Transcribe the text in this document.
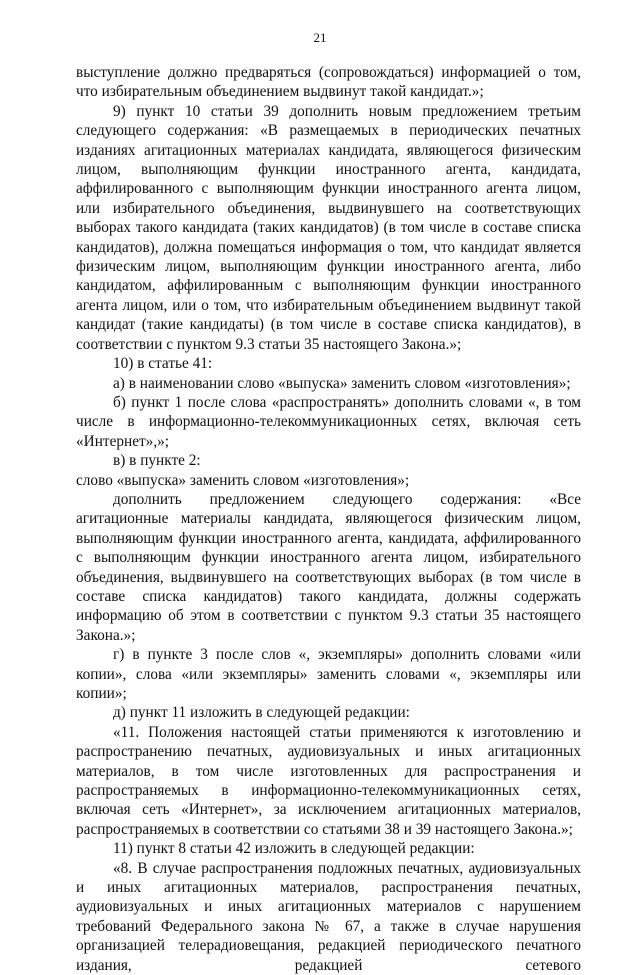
21

выступление должно предваряться (сопровождаться) информацией о том, что избирательным объединением выдвинут такой кандидат.»;

9) пункт 10 статьи 39 дополнить новым предложением третьим следующего содержания: «В размещаемых в периодических печатных изданиях агитационных материалах кандидата, являющегося физическим лицом, выполняющим функции иностранного агента, кандидата, аффилированного с выполняющим функции иностранного агента лицом, или избирательного объединения, выдвинувшего на соответствующих выборах такого кандидата (таких кандидатов) (в том числе в составе списка кандидатов), должна помещаться информация о том, что кандидат является физическим лицом, выполняющим функции иностранного агента, либо кандидатом, аффилированным с выполняющим функции иностранного агента лицом, или о том, что избирательным объединением выдвинут такой кандидат (такие кандидаты) (в том числе в составе списка кандидатов), в соответствии с пунктом 9.3 статьи 35 настоящего Закона.»;

10) в статье 41:

а) в наименовании слово «выпуска» заменить словом «изготовления»;

б) пункт 1 после слова «распространять» дополнить словами «, в том числе в информационно-телекоммуникационных сетях, включая сеть «Интернет»,»;

в) в пункте 2:

слово «выпуска» заменить словом «изготовления»;

дополнить предложением следующего содержания: «Все агитационные материалы кандидата, являющегося физическим лицом, выполняющим функции иностранного агента, кандидата, аффилированного с выполняющим функции иностранного агента лицом, избирательного объединения, выдвинувшего на соответствующих выборах (в том числе в составе списка кандидатов) такого кандидата, должны содержать информацию об этом в соответствии с пунктом 9.3 статьи 35 настоящего Закона.»;

г) в пункте 3 после слов «, экземпляры» дополнить словами «или копии», слова «или экземпляры» заменить словами «, экземпляры или копии»;

д) пункт 11 изложить в следующей редакции:

«11. Положения настоящей статьи применяются к изготовлению и распространению печатных, аудиовизуальных и иных агитационных материалов, в том числе изготовленных для распространения и распространяемых в информационно-телекоммуникационных сетях, включая сеть «Интернет», за исключением агитационных материалов, распространяемых в соответствии со статьями 38 и 39 настоящего Закона.»;

11) пункт 8 статьи 42 изложить в следующей редакции:

«8. В случае распространения подложных печатных, аудиовизуальных и иных агитационных материалов, распространения печатных, аудиовизуальных и иных агитационных материалов с нарушением требований Федерального закона № 67, а также в случае нарушения организацией телерадиовещания, редакцией периодического печатного издания, редакцией сетевого
